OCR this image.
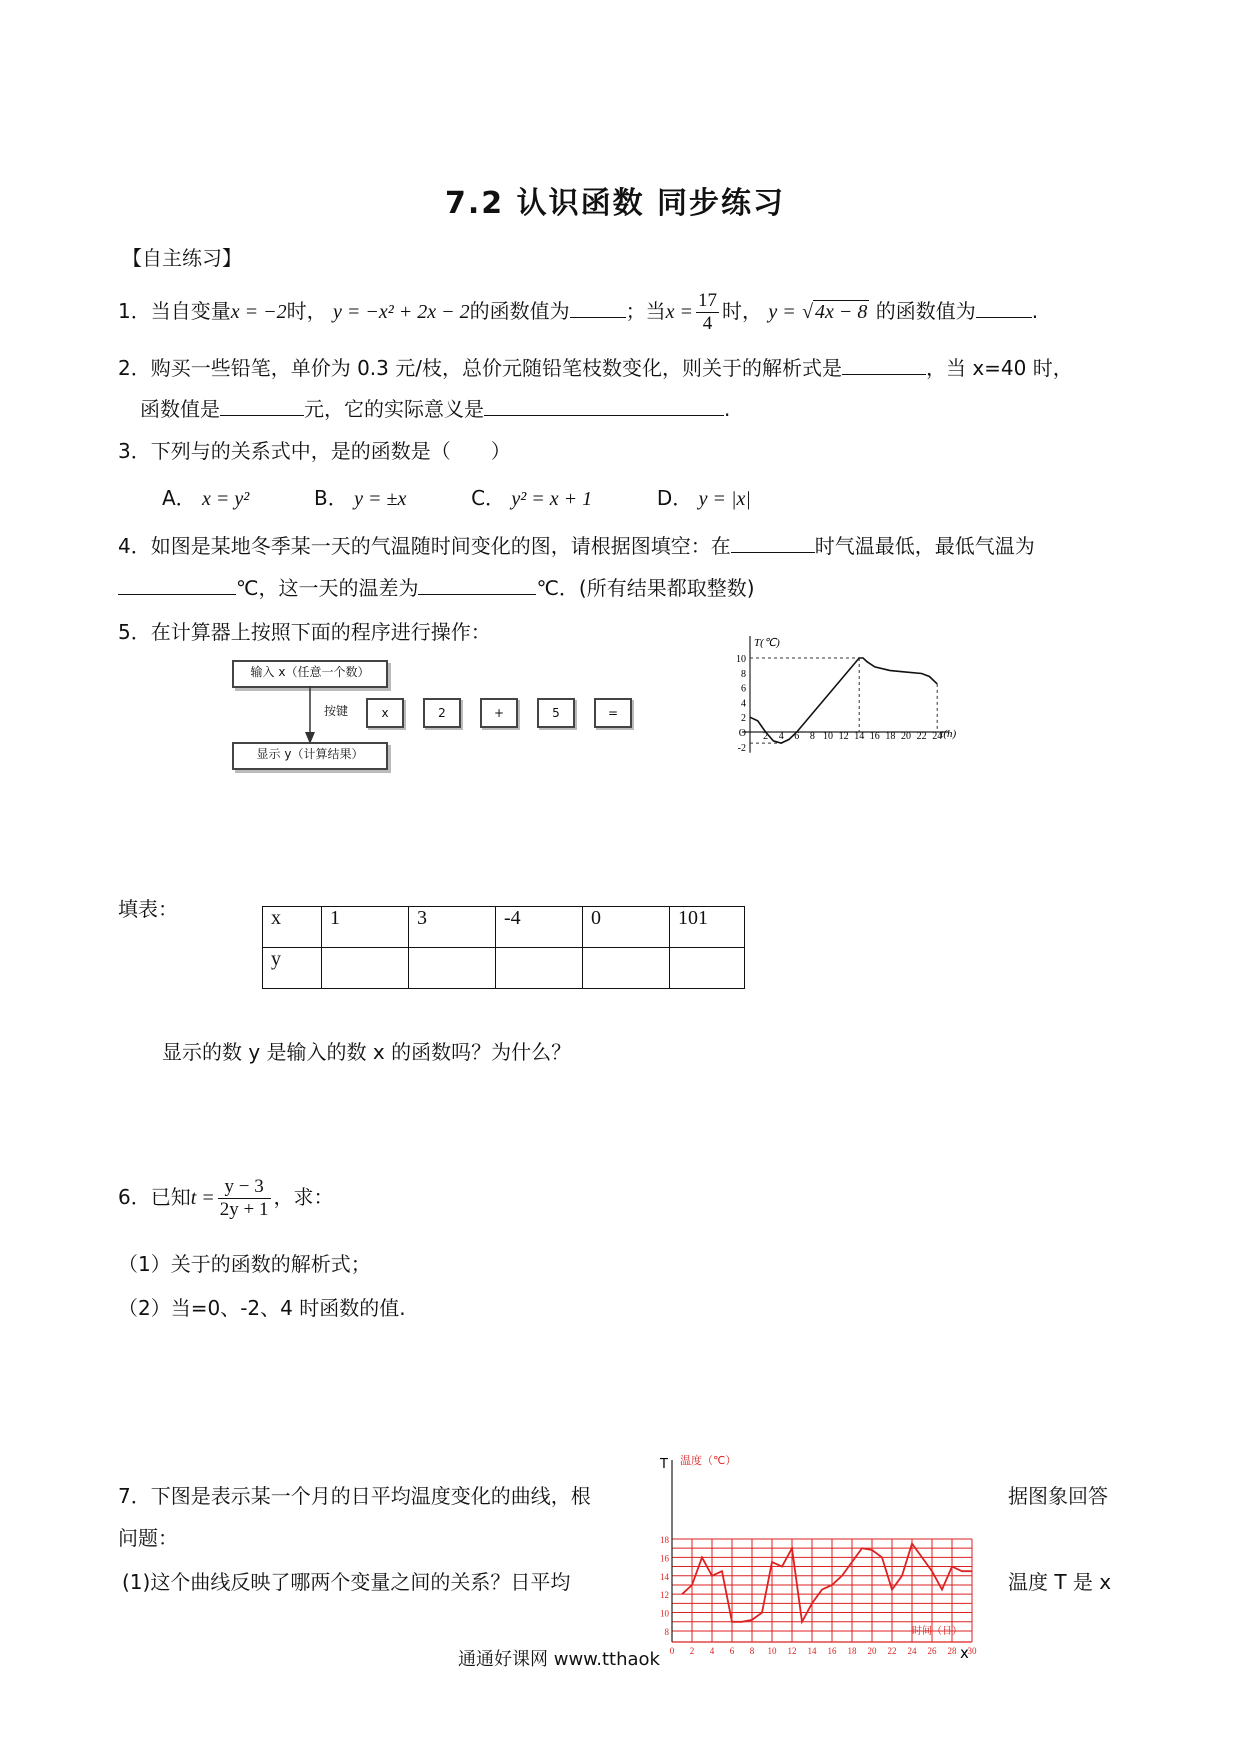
7.2 认识函数 同步练习
【自主练习】
1．当自变量x = −2时， y = −x² + 2x − 2的函数值为	；当$x = \frac{17}{4}$ 时， y = √ 4x − 8 的函数值为	.
2．购买一些铅笔，单价为 0.3 元/枝，总价元随铅笔枝数变化，则关于的解析式是	，当 x=40 时，
函数值是	元，它的实际意义是	.
3．下列与的关系式中，是的函数是（　　）
A． x = y²	B． y = ±x	C． y² = x + 1	D． y = |x|
4．如图是某地冬季某一天的气温随时间变化的图，请根据图填空：在	时气温最低，最低气温为
℃，这一天的温差为	℃．(所有结果都取整数)
5．在计算器上按照下面的程序进行操作：
输入 x（任意一个数）
按键	x	2	+	5	=
显示 y（计算结果）
T(℃)
t(h)
10
8
6
4
2
O
-2
2 4 6 8 10 12 14 16 18 20 22 24
填表：	x	1	3	-4	0	101
y					
显示的数 y 是输入的数 x 的函数吗？为什么？
6．已知$t = \frac{y - 3}{2y + 1}$ ，求：
（1）关于的函数的解析式；
（2）当=0、-2、4 时函数的值.
7．下图是表示某一个月的日平均温度变化的曲线，根	据图象回答
问题：
(1)这个曲线反映了哪两个变量之间的关系？日平均	温度 T 是 x
T 温度（℃）
时间（日）
x
18
16
14
12
10
8
0 2 4 6 8 10 12 14 16 18 20 22 24 26 28 30
通通好课网 www.tthaok
